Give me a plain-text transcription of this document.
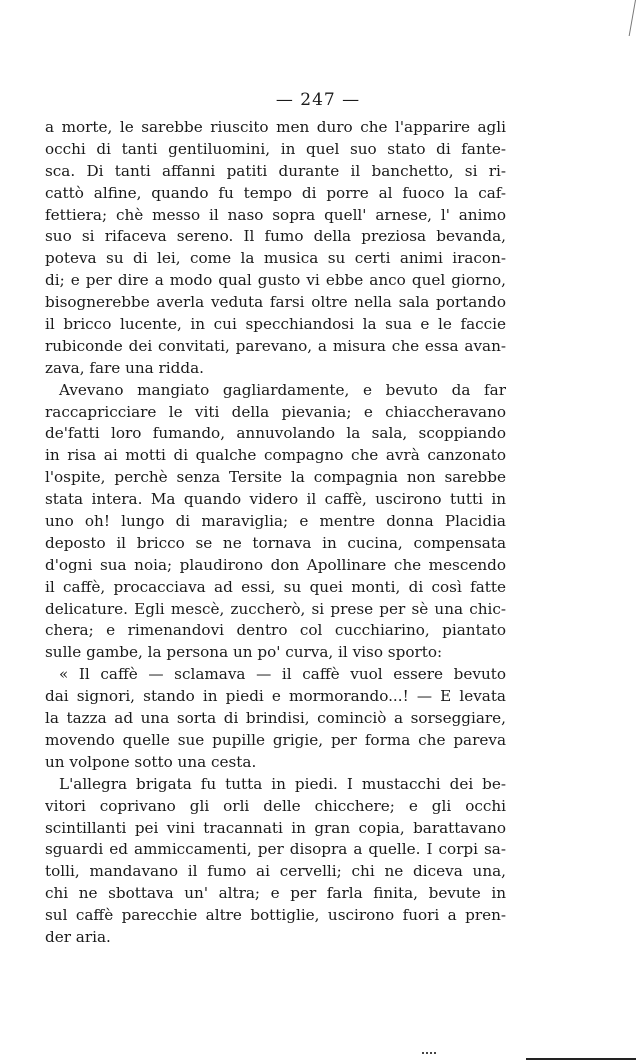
— 247 —
a morte, le sarebbe riuscito men duro che l'apparire agli
occhi di tanti gentiluomini, in quel suo stato di fante-
sca. Di tanti affanni patiti durante il banchetto, si ri-
cattò alfine, quando fu tempo di porre al fuoco la caf-
fettiera; chè messo il naso sopra quell' arnese, l' animo
suo si rifaceva sereno. Il fumo della preziosa bevanda,
poteva su di lei, come la musica su certi animi iracon-
di; e per dire a modo qual gusto vi ebbe anco quel giorno,
bisognerebbe averla veduta farsi oltre nella sala portando
il bricco lucente, in cui specchiandosi la sua e le faccie
rubiconde dei convitati, parevano, a misura che essa avan-
zava, fare una ridda.
Avevano mangiato gagliardamente, e bevuto da far
raccapricciare le viti della pievania; e chiaccheravano
de'fatti loro fumando, annuvolando la sala, scoppiando
in risa ai motti di qualche compagno che avrà canzonato
l'ospite, perchè senza Tersite la compagnia non sarebbe
stata intera. Ma quando videro il caffè, uscirono tutti in
uno oh! lungo di maraviglia; e mentre donna Placidia
deposto il bricco se ne tornava in cucina, compensata
d'ogni sua noia; plaudirono don Apollinare che mescendo
il caffè, procacciava ad essi, su quei monti, di così fatte
delicature. Egli mescè, zuccherò, si prese per sè una chic-
chera; e rimenandovi dentro col cucchiarino, piantato
sulle gambe, la persona un po' curva, il viso sporto:
« Il caffè — sclamava — il caffè vuol essere bevuto
dai signori, stando in piedi e mormorando...! — E levata
la tazza ad una sorta di brindisi, cominciò a sorseggiare,
movendo quelle sue pupille grigie, per forma che pareva
un volpone sotto una cesta.
L'allegra brigata fu tutta in piedi. I mustacchi dei be-
vitori coprivano gli orli delle chicchere; e gli occhi
scintillanti pei vini tracannati in gran copia, barattavano
sguardi ed ammiccamenti, per disopra a quelle. I corpi sa-
tolli, mandavano il fumo ai cervelli; chi ne diceva una,
chi ne sbottava un' altra; e per farla finita, bevute in
sul caffè parecchie altre bottiglie, uscirono fuori a pren-
der aria.
